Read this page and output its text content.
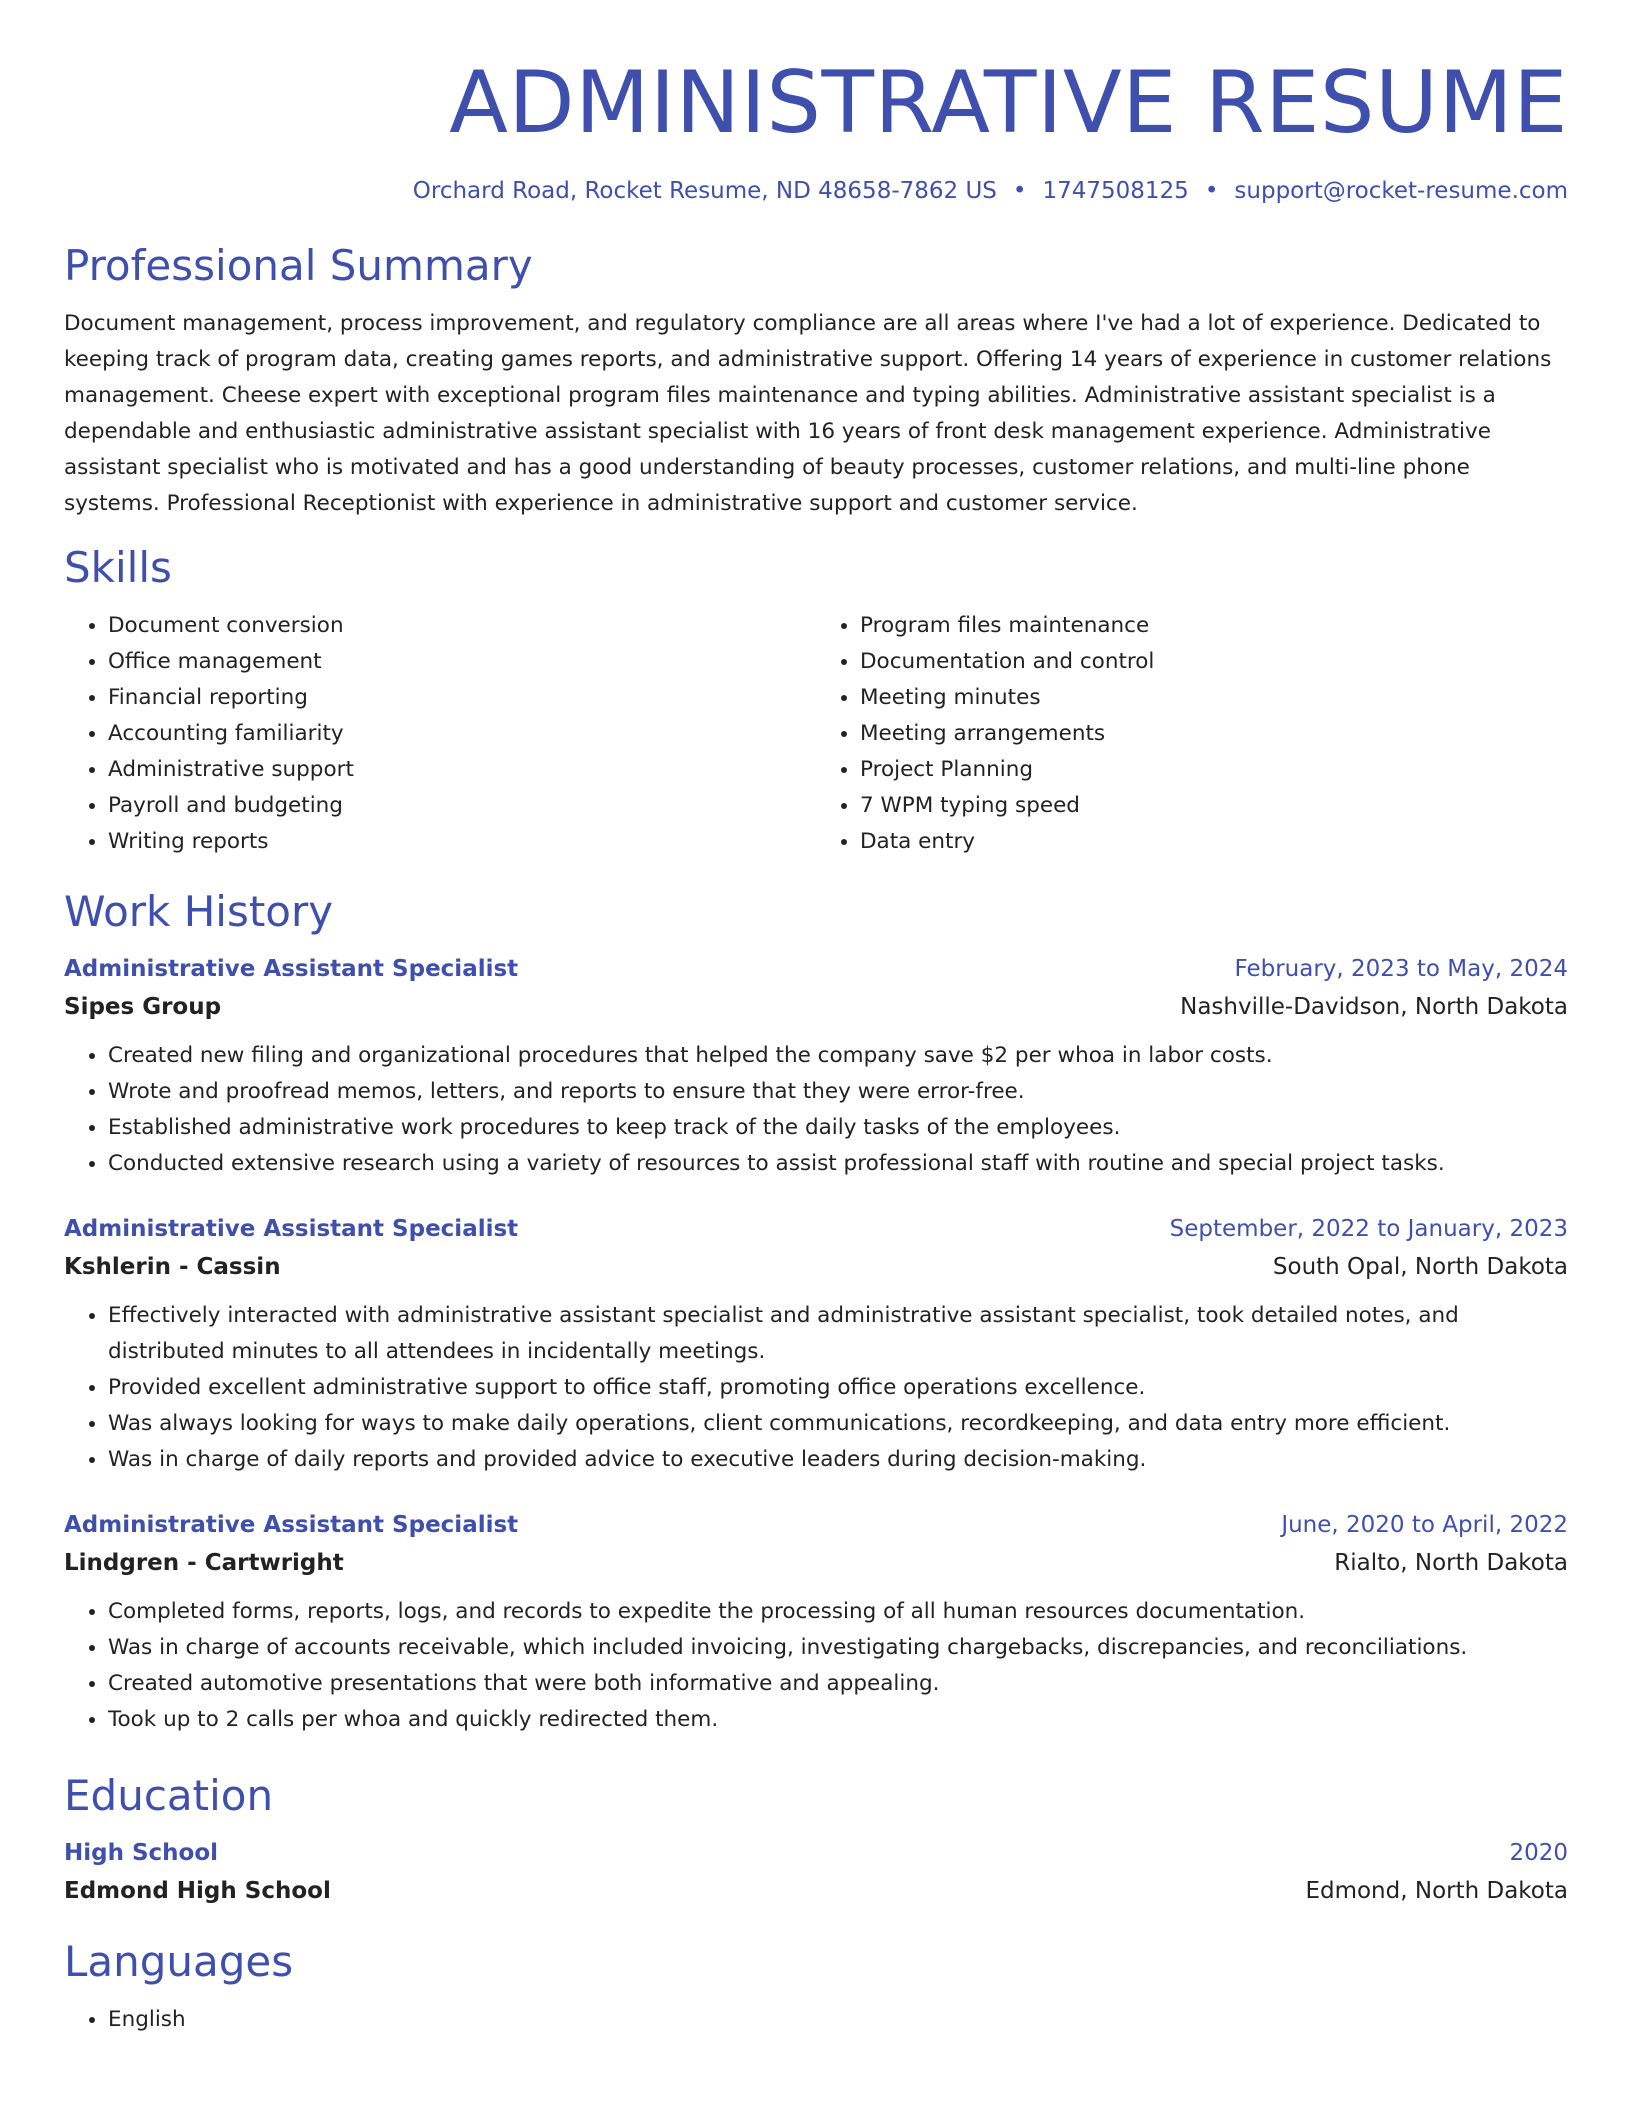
ADMINISTRATIVE RESUME
Orchard Road, Rocket Resume, ND 48658-7862 US • 1747508125 • support@rocket-resume.com
Professional Summary

Document management, process improvement, and regulatory compliance are all areas where I've had a lot of experience. Dedicated to keeping track of program data, creating games reports, and administrative support. Offering 14 years of experience in customer relations management. Cheese expert with exceptional program files maintenance and typing abilities. Administrative assistant specialist is a dependable and enthusiastic administrative assistant specialist with 16 years of front desk management experience. Administrative assistant specialist who is motivated and has a good understanding of beauty processes, customer relations, and multi-line phone systems. Professional Receptionist with experience in administrative support and customer service.

Skills
• Document conversion
• Office management
• Financial reporting
• Accounting familiarity
• Administrative support
• Payroll and budgeting
• Writing reports
• Program files maintenance
• Documentation and control
• Meeting minutes
• Meeting arrangements
• Project Planning
• 7 WPM typing speed
• Data entry
Work History
Administrative Assistant Specialist	February, 2023 to May, 2024
Sipes Group	Nashville-Davidson, North Dakota
• Created new filing and organizational procedures that helped the company save $2 per whoa in labor costs.
• Wrote and proofread memos, letters, and reports to ensure that they were error-free.
• Established administrative work procedures to keep track of the daily tasks of the employees.
• Conducted extensive research using a variety of resources to assist professional staff with routine and special project tasks.
Administrative Assistant Specialist	September, 2022 to January, 2023
Kshlerin - Cassin	South Opal, North Dakota
• Effectively interacted with administrative assistant specialist and administrative assistant specialist, took detailed notes, and distributed minutes to all attendees in incidentally meetings.
• Provided excellent administrative support to office staff, promoting office operations excellence.
• Was always looking for ways to make daily operations, client communications, recordkeeping, and data entry more efficient.
• Was in charge of daily reports and provided advice to executive leaders during decision-making.
Administrative Assistant Specialist	June, 2020 to April, 2022
Lindgren - Cartwright	Rialto, North Dakota
• Completed forms, reports, logs, and records to expedite the processing of all human resources documentation.
• Was in charge of accounts receivable, which included invoicing, investigating chargebacks, discrepancies, and reconciliations.
• Created automotive presentations that were both informative and appealing.
• Took up to 2 calls per whoa and quickly redirected them.
Education
High School	2020
Edmond High School	Edmond, North Dakota
Languages
• English
